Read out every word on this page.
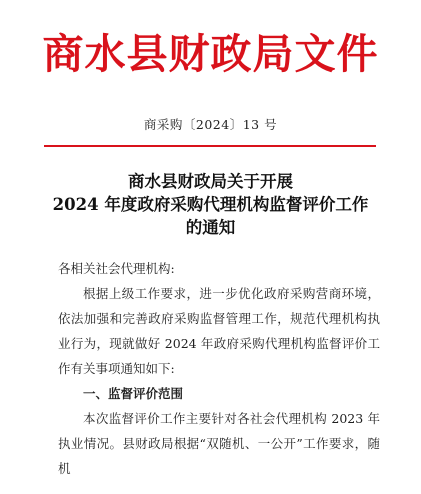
商水县财政局文件
商采购〔2024〕13 号
商水县财政局关于开展
2024 年度政府采购代理机构监督评价工作
的通知

各相关社会代理机构:

根据上级工作要求，进一步优化政府采购营商环境，依法加强和完善政府采购监督管理工作，规范代理机构执业行为，现就做好 2024 年政府采购代理机构监督评价工作有关事项通知如下:

一、监督评价范围

本次监督评价工作主要针对各社会代理机构 2023 年执业情况。县财政局根据“双随机、一公开”工作要求，随机
